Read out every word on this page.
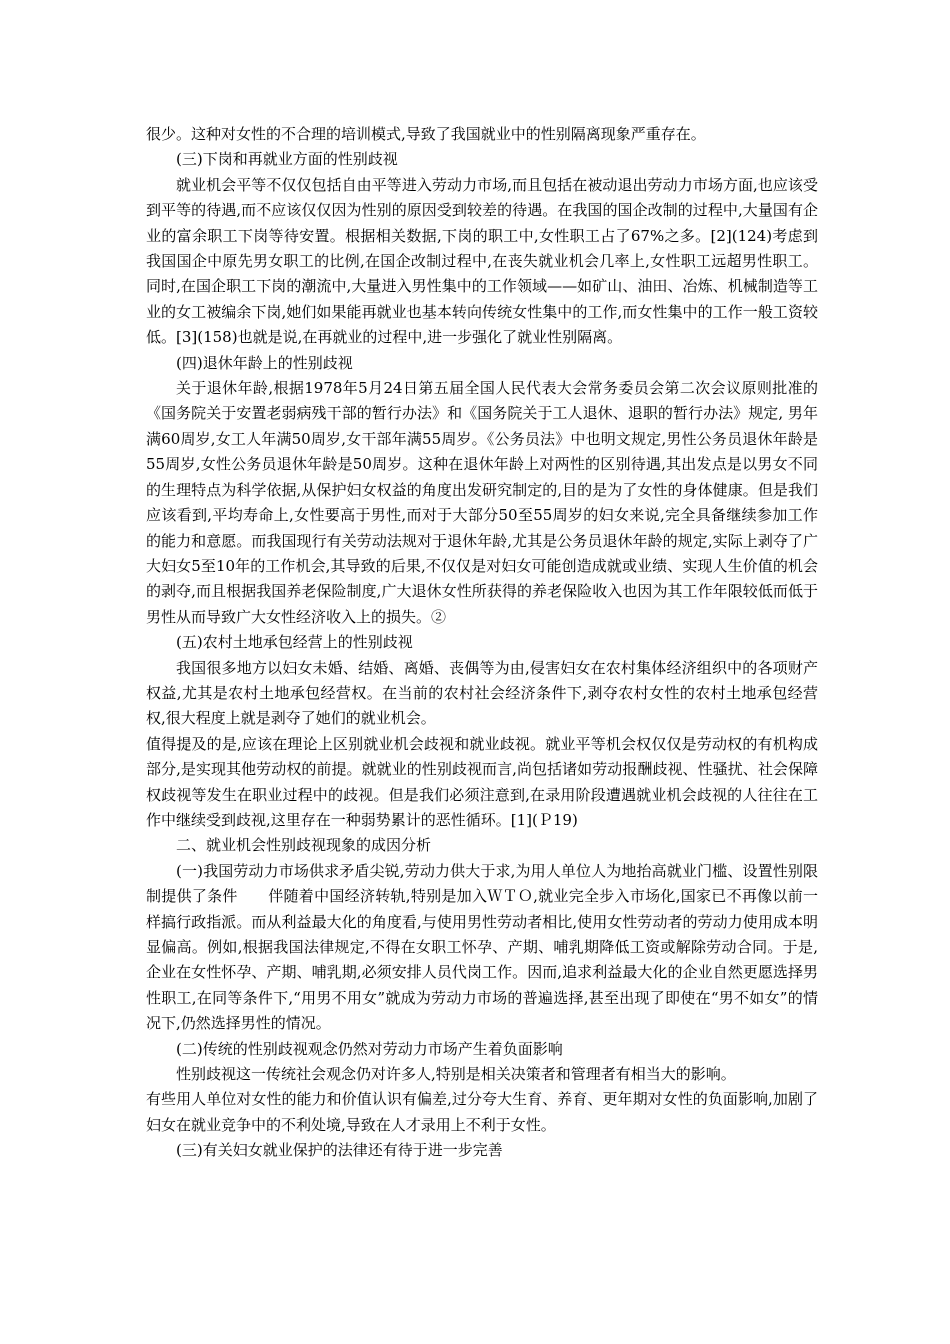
很少。这种对女性的不合理的培训模式,导致了我国就业中的性别隔离现象严重存在。

(三)下岗和再就业方面的性别歧视

就业机会平等不仅仅包括自由平等进入劳动力市场,而且包括在被动退出劳动力市场方面,也应该受到平等的待遇,而不应该仅仅因为性别的原因受到较差的待遇。在我国的国企改制的过程中,大量国有企业的富余职工下岗等待安置。根据相关数据,下岗的职工中,女性职工占了67%之多。[2](124)考虑到我国国企中原先男女职工的比例,在国企改制过程中,在丧失就业机会几率上,女性职工远超男性职工。同时,在国企职工下岗的潮流中,大量进入男性集中的工作领域——如矿山、油田、冶炼、机械制造等工业的女工被编余下岗,她们如果能再就业也基本转向传统女性集中的工作,而女性集中的工作一般工资较低。[3](158)也就是说,在再就业的过程中,进一步强化了就业性别隔离。

(四)退休年龄上的性别歧视

关于退休年龄,根据1978年5月24日第五届全国人民代表大会常务委员会第二次会议原则批准的《国务院关于安置老弱病残干部的暂行办法》和《国务院关于工人退休、退职的暂行办法》规定, 男年满60周岁,女工人年满50周岁,女干部年满55周岁。《公务员法》中也明文规定,男性公务员退休年龄是55周岁,女性公务员退休年龄是50周岁。这种在退休年龄上对两性的区别待遇,其出发点是以男女不同的生理特点为科学依据,从保护妇女权益的角度出发研究制定的,目的是为了女性的身体健康。但是我们应该看到,平均寿命上,女性要高于男性,而对于大部分50至55周岁的妇女来说,完全具备继续参加工作的能力和意愿。而我国现行有关劳动法规对于退休年龄,尤其是公务员退休年龄的规定,实际上剥夺了广大妇女5至10年的工作机会,其导致的后果,不仅仅是对妇女可能创造成就或业绩、实现人生价值的机会的剥夺,而且根据我国养老保险制度,广大退休女性所获得的养老保险收入也因为其工作年限较低而低于男性从而导致广大女性经济收入上的损失。②

(五)农村土地承包经营上的性别歧视

我国很多地方以妇女未婚、结婚、离婚、丧偶等为由,侵害妇女在农村集体经济组织中的各项财产权益,尤其是农村土地承包经营权。在当前的农村社会经济条件下,剥夺农村女性的农村土地承包经营权,很大程度上就是剥夺了她们的就业机会。

值得提及的是,应该在理论上区别就业机会歧视和就业歧视。就业平等机会权仅仅是劳动权的有机构成部分,是实现其他劳动权的前提。就就业的性别歧视而言,尚包括诸如劳动报酬歧视、性骚扰、社会保障权歧视等发生在职业过程中的歧视。但是我们必须注意到,在录用阶段遭遇就业机会歧视的人往往在工作中继续受到歧视,这里存在一种弱势累计的恶性循环。[1](Ｐ19)

二、就业机会性别歧视现象的成因分析

(一)我国劳动力市场供求矛盾尖锐,劳动力供大于求,为用人单位人为地抬高就业门槛、设置性别限制提供了条件　　伴随着中国经济转轨,特别是加入ＷＴＯ,就业完全步入市场化,国家已不再像以前一样搞行政指派。而从利益最大化的角度看,与使用男性劳动者相比,使用女性劳动者的劳动力使用成本明显偏高。例如,根据我国法律规定,不得在女职工怀孕、产期、哺乳期降低工资或解除劳动合同。于是,企业在女性怀孕、产期、哺乳期,必须安排人员代岗工作。因而,追求利益最大化的企业自然更愿选择男性职工,在同等条件下,“用男不用女”就成为劳动力市场的普遍选择,甚至出现了即使在“男不如女”的情况下,仍然选择男性的情况。

(二)传统的性别歧视观念仍然对劳动力市场产生着负面影响

性别歧视这一传统社会观念仍对许多人,特别是相关决策者和管理者有相当大的影响。

有些用人单位对女性的能力和价值认识有偏差,过分夸大生育、养育、更年期对女性的负面影响,加剧了妇女在就业竞争中的不利处境,导致在人才录用上不利于女性。

(三)有关妇女就业保护的法律还有待于进一步完善
